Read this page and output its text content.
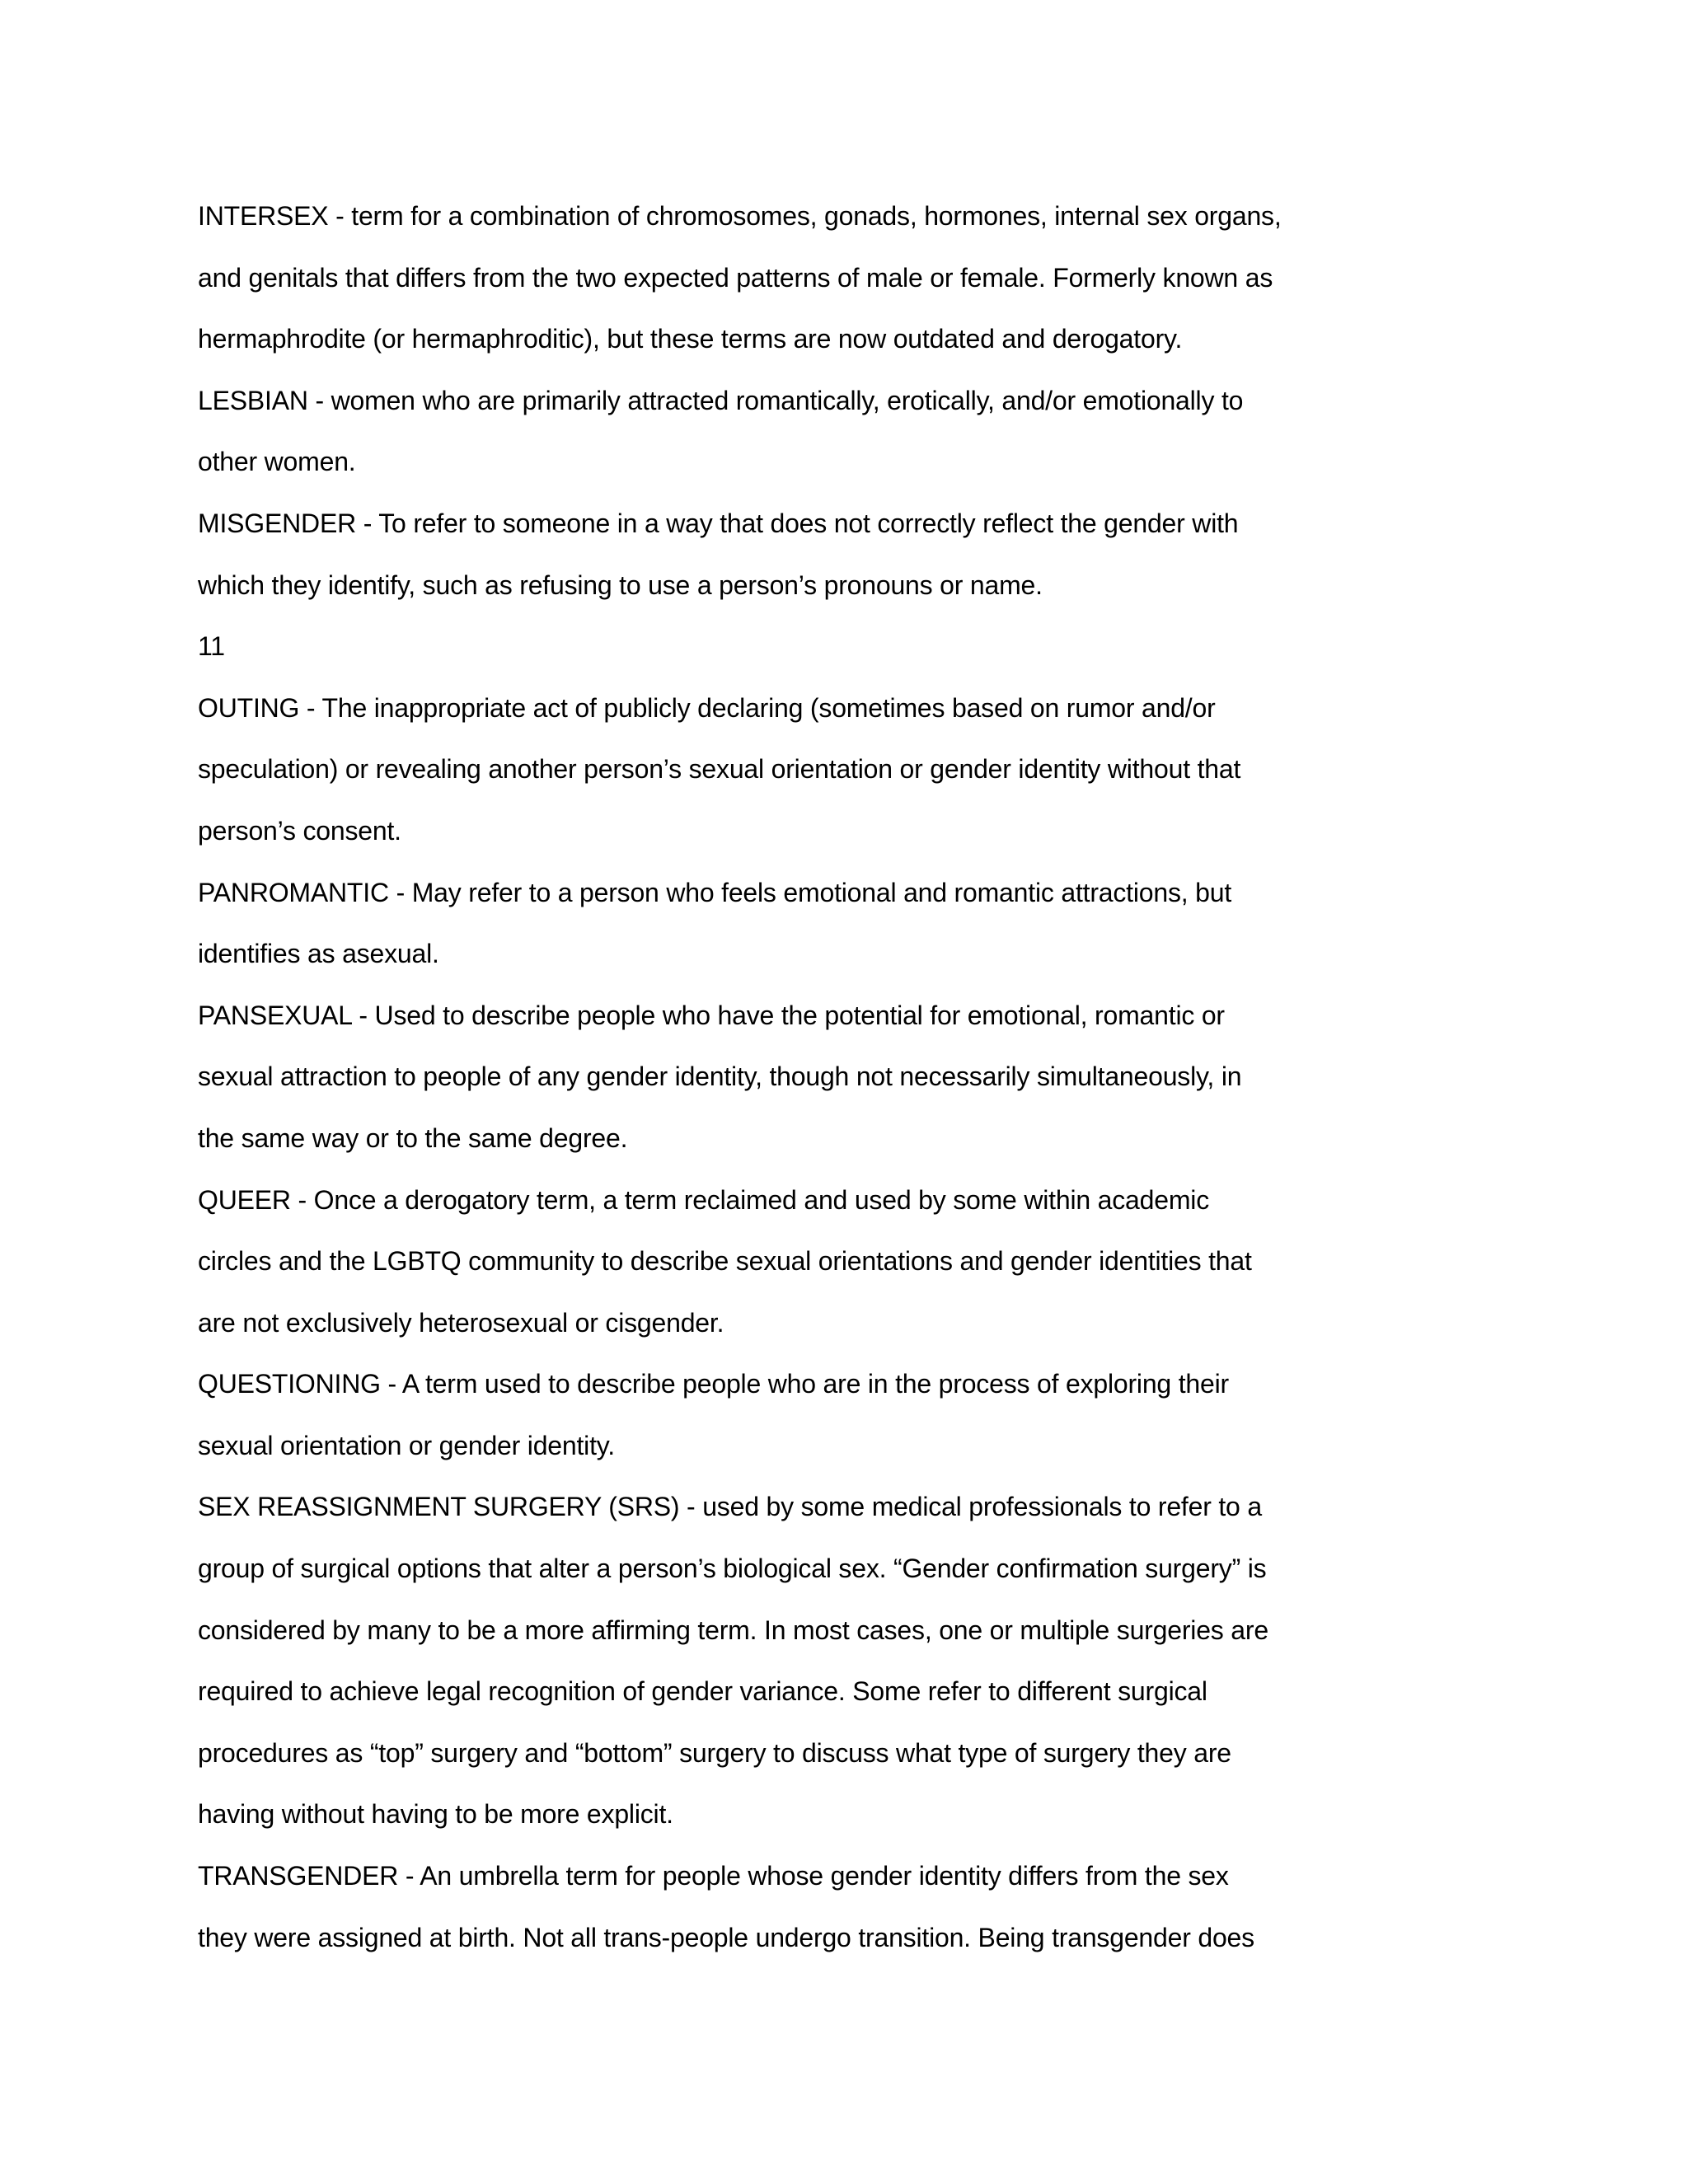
INTERSEX - term for a combination of chromosomes, gonads, hormones, internal sex organs,
and genitals that differs from the two expected patterns of male or female. Formerly known as
hermaphrodite (or hermaphroditic), but these terms are now outdated and derogatory.
LESBIAN - women who are primarily attracted romantically, erotically, and/or emotionally to
other women.
MISGENDER - To refer to someone in a way that does not correctly reflect the gender with
which they identify, such as refusing to use a person’s pronouns or name.
11
OUTING - The inappropriate act of publicly declaring (sometimes based on rumor and/or
speculation) or revealing another person’s sexual orientation or gender identity without that
person’s consent.
PANROMANTIC - May refer to a person who feels emotional and romantic attractions, but
identifies as asexual.
PANSEXUAL - Used to describe people who have the potential for emotional, romantic or
sexual attraction to people of any gender identity, though not necessarily simultaneously, in
the same way or to the same degree.
QUEER - Once a derogatory term, a term reclaimed and used by some within academic
circles and the LGBTQ community to describe sexual orientations and gender identities that
are not exclusively heterosexual or cisgender.
QUESTIONING - A term used to describe people who are in the process of exploring their
sexual orientation or gender identity.
SEX REASSIGNMENT SURGERY (SRS) - used by some medical professionals to refer to a
group of surgical options that alter a person’s biological sex. “Gender confirmation surgery” is
considered by many to be a more affirming term. In most cases, one or multiple surgeries are
required to achieve legal recognition of gender variance. Some refer to different surgical
procedures as “top” surgery and “bottom” surgery to discuss what type of surgery they are
having without having to be more explicit.
TRANSGENDER - An umbrella term for people whose gender identity differs from the sex
they were assigned at birth. Not all trans-people undergo transition. Being transgender does
